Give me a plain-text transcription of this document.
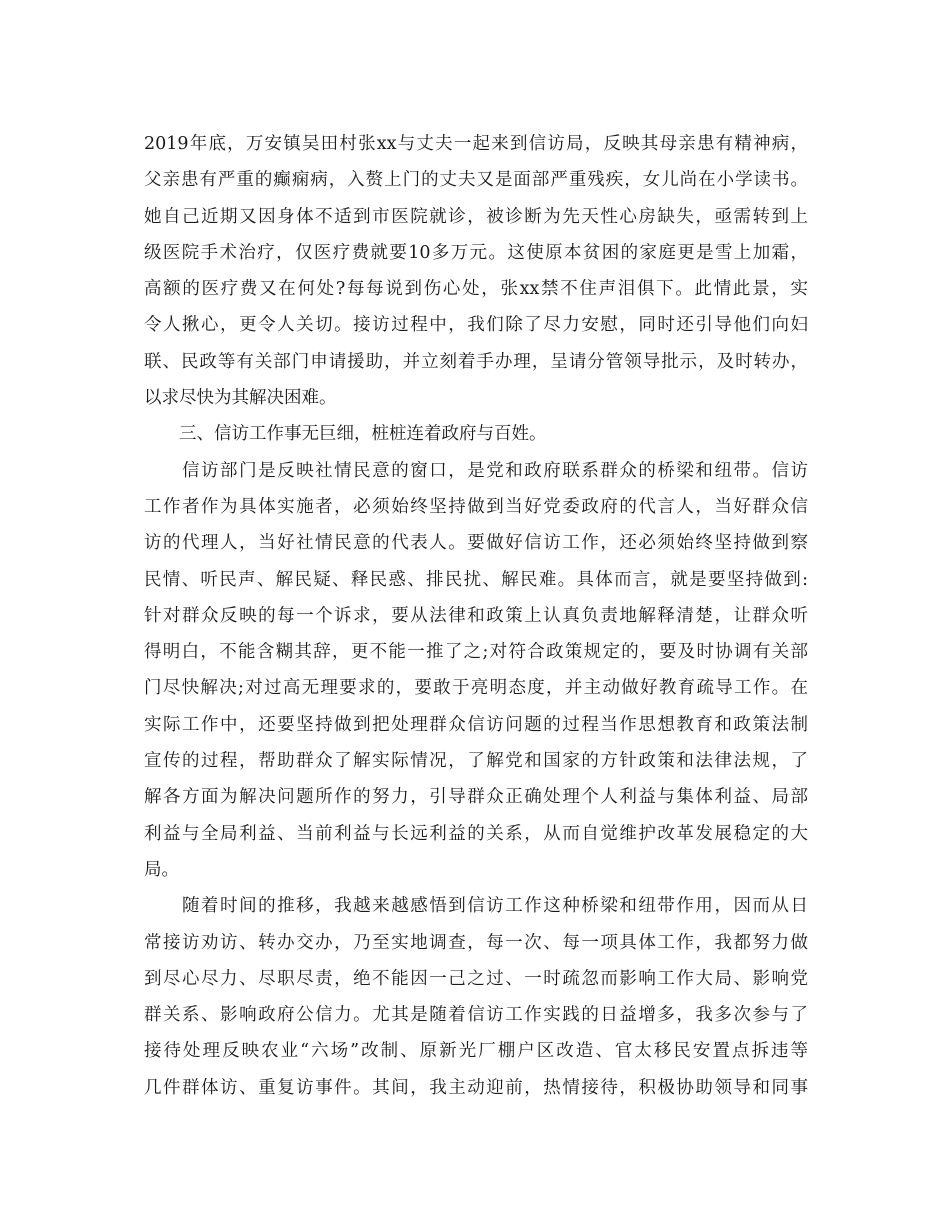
2019年底，万安镇吴田村张xx与丈夫一起来到信访局，反映其母亲患有精神病，
父亲患有严重的癫痫病，入赘上门的丈夫又是面部严重残疾，女儿尚在小学读书。
她自己近期又因身体不适到市医院就诊，被诊断为先天性心房缺失，亟需转到上
级医院手术治疗，仅医疗费就要10多万元。这使原本贫困的家庭更是雪上加霜，
高额的医疗费又在何处?每每说到伤心处，张xx禁不住声泪俱下。此情此景，实
令人揪心，更令人关切。接访过程中，我们除了尽力安慰，同时还引导他们向妇
联、民政等有关部门申请援助，并立刻着手办理，呈请分管领导批示，及时转办，
以求尽快为其解决困难。
　　三、信访工作事无巨细，桩桩连着政府与百姓。
　　信访部门是反映社情民意的窗口，是党和政府联系群众的桥梁和纽带。信访
工作者作为具体实施者，必须始终坚持做到当好党委政府的代言人，当好群众信
访的代理人，当好社情民意的代表人。要做好信访工作，还必须始终坚持做到察
民情、听民声、解民疑、释民惑、排民扰、解民难。具体而言，就是要坚持做到:
针对群众反映的每一个诉求，要从法律和政策上认真负责地解释清楚，让群众听
得明白，不能含糊其辞，更不能一推了之;对符合政策规定的，要及时协调有关部
门尽快解决;对过高无理要求的，要敢于亮明态度，并主动做好教育疏导工作。在
实际工作中，还要坚持做到把处理群众信访问题的过程当作思想教育和政策法制
宣传的过程，帮助群众了解实际情况，了解党和国家的方针政策和法律法规，了
解各方面为解决问题所作的努力，引导群众正确处理个人利益与集体利益、局部
利益与全局利益、当前利益与长远利益的关系，从而自觉维护改革发展稳定的大
局。
　　随着时间的推移，我越来越感悟到信访工作这种桥梁和纽带作用，因而从日
常接访劝访、转办交办，乃至实地调查，每一次、每一项具体工作，我都努力做
到尽心尽力、尽职尽责，绝不能因一己之过、一时疏忽而影响工作大局、影响党
群关系、影响政府公信力。尤其是随着信访工作实践的日益增多，我多次参与了
接待处理反映农业“六场”改制、原新光厂棚户区改造、官太移民安置点拆违等
几件群体访、重复访事件。其间，我主动迎前，热情接待，积极协助领导和同事
